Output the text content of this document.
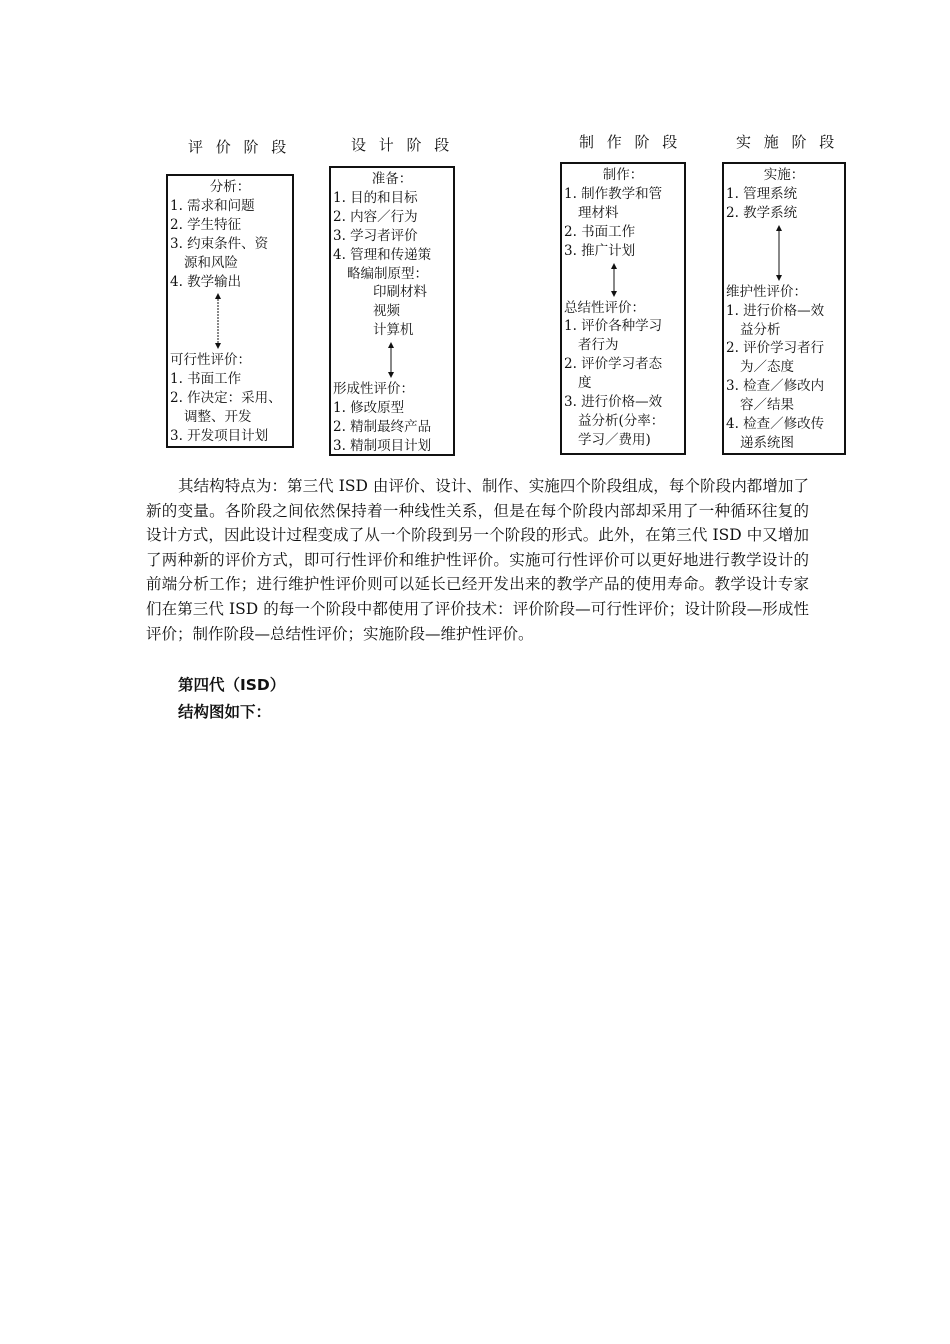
评 价 阶 段	设 计 阶 段	制 作 阶 段	实 施 阶 段
分析：
1. 需求和问题
2. 学生特征
3. 约束条件、资
源和风险
4. 教学输出
可行性评价：
1. 书面工作
2. 作决定：采用、
调整、开发
3. 开发项目计划
准备：
1. 目的和目标
2. 内容／行为
3. 学习者评价
4. 管理和传递策
略编制原型：
印刷材料
视频
计算机
形成性评价：
1. 修改原型
2. 精制最终产品
3. 精制项目计划
制作：
1. 制作教学和管
理材料
2. 书面工作
3. 推广计划
总结性评价：
1. 评价各种学习
者行为
2. 评价学习者态
度
3. 进行价格—效
益分析(分率：
学习／费用)
实施：
1. 管理系统
2. 教学系统
维护性评价：
1. 进行价格—效
益分析
2. 评价学习者行
为／态度
3. 检查／修改内
容／结果
4. 检查／修改传
递系统图

其结构特点为：第三代 ISD 由评价、设计、制作、实施四个阶段组成，每个阶段内都增加了新的变量。各阶段之间依然保持着一种线性关系，但是在每个阶段内部却采用了一种循环往复的设计方式，因此设计过程变成了从一个阶段到另一个阶段的形式。此外，在第三代 ISD 中又增加了两种新的评价方式，即可行性评价和维护性评价。实施可行性评价可以更好地进行教学设计的前端分析工作；进行维护性评价则可以延长已经开发出来的教学产品的使用寿命。教学设计专家们在第三代 ISD 的每一个阶段中都使用了评价技术：评价阶段—可行性评价；设计阶段—形成性评价；制作阶段—总结性评价；实施阶段—维护性评价。

第四代（ISD）
结构图如下：
